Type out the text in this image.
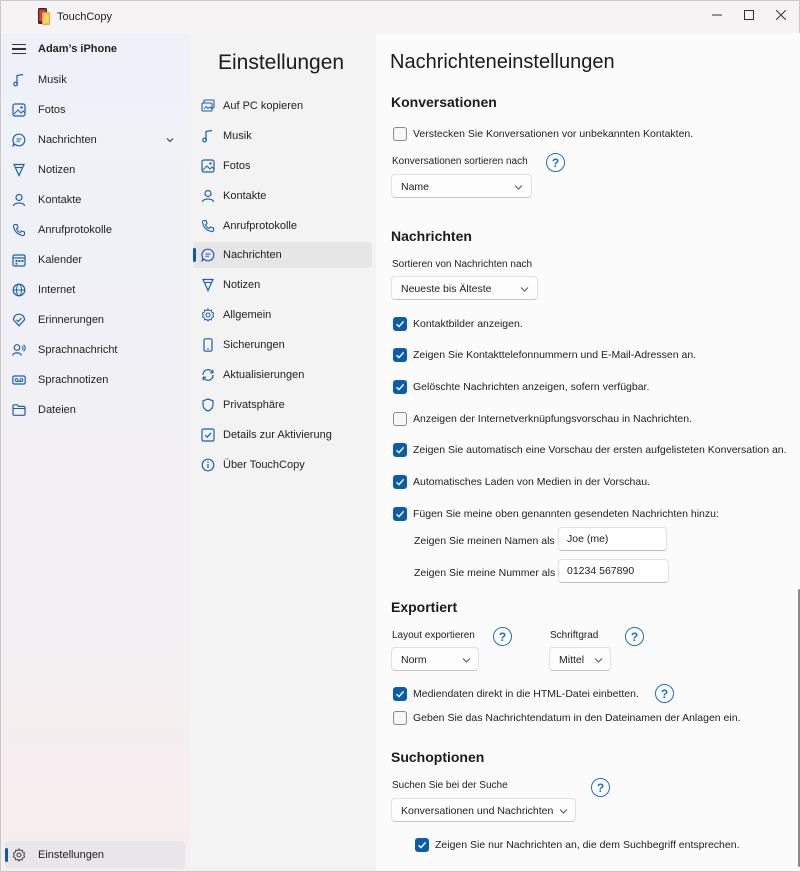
TouchCopy
Adam’s iPhone
Musik
Fotos
Nachrichten
Notizen
Kontakte
Anrufprotokolle
Kalender
Internet
Erinnerungen
Sprachnachricht
Sprachnotizen
Dateien
Einstellungen
Einstellungen
Auf PC kopieren
Musik
Fotos
Kontakte
Anrufprotokolle
Nachrichten
Notizen
Allgemein
Sicherungen
Aktualisierungen
Privatsphäre
Details zur Aktivierung
Über TouchCopy
Nachrichteneinstellungen
Konversationen
Verstecken Sie Konversationen vor unbekannten Kontakten.
Konversationen sortieren nach	?
Name
Nachrichten
Sortieren von Nachrichten nach
Neueste bis Älteste
Kontaktbilder anzeigen.
Zeigen Sie Kontakttelefonnummern und E-Mail-Adressen an.
Gelöschte Nachrichten anzeigen, sofern verfügbar.
Anzeigen der Internetverknüpfungsvorschau in Nachrichten.
Zeigen Sie automatisch eine Vorschau der ersten aufgelisteten Konversation an.
Automatisches Laden von Medien in der Vorschau.
Fügen Sie meine oben genannten gesendeten Nachrichten hinzu:
Zeigen Sie meinen Namen als
Joe (me)
Zeigen Sie meine Nummer als
01234 567890
Exportiert
Layout exportieren	?
Norm
Schriftgrad	?
Mittel
Mediendaten direkt in die HTML-Datei einbetten.	?
Geben Sie das Nachrichtendatum in den Dateinamen der Anlagen ein.
Suchoptionen
Suchen Sie bei der Suche	?
Konversationen und Nachrichten
Zeigen Sie nur Nachrichten an, die dem Suchbegriff entsprechen.
